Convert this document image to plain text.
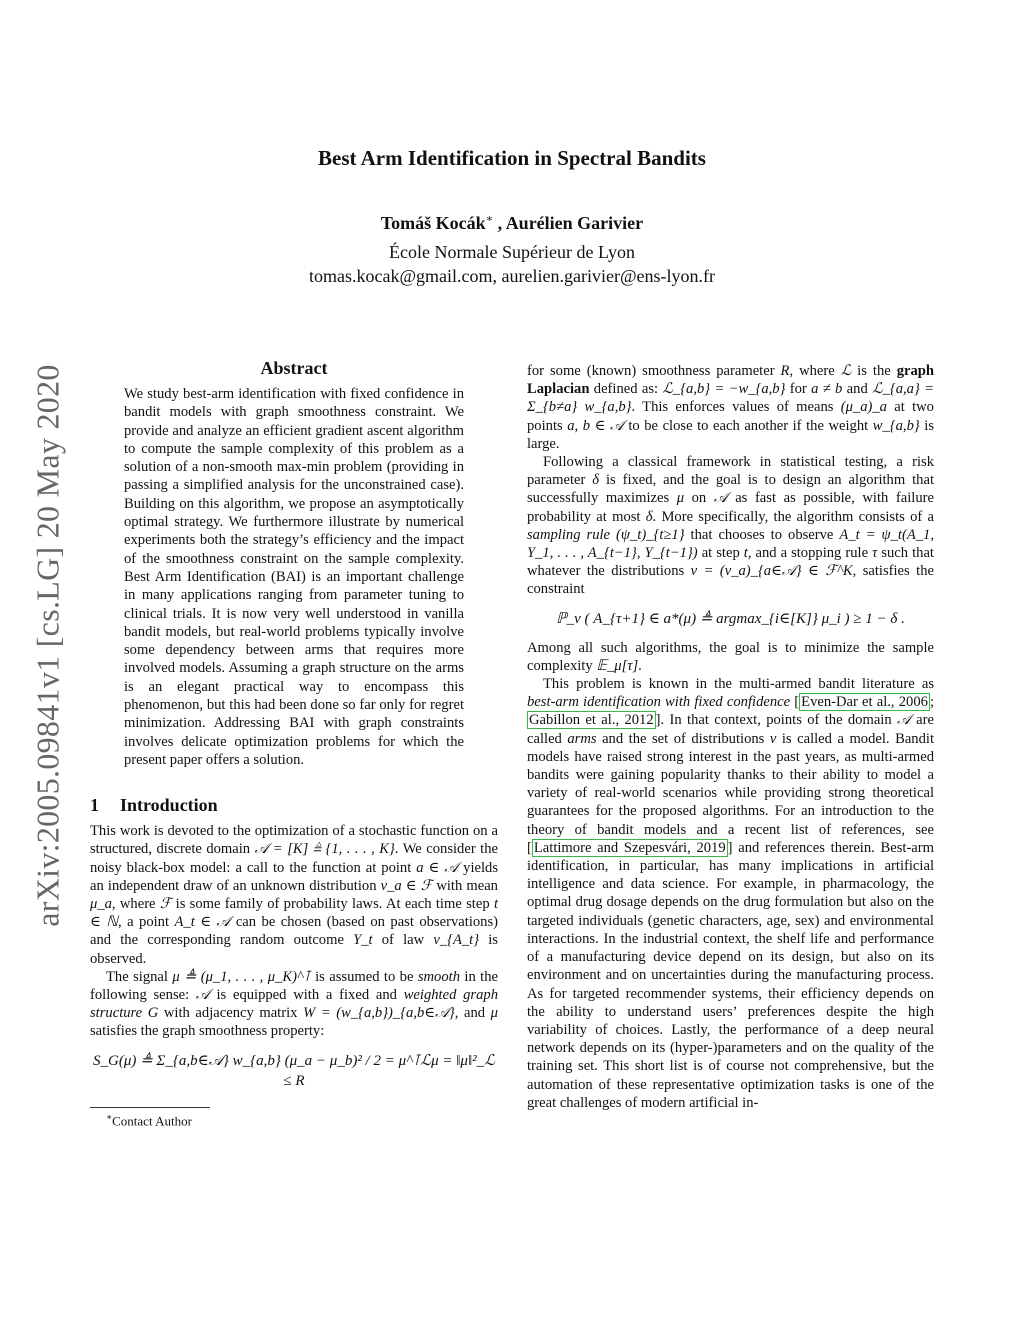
arXiv:2005.09841v1 [cs.LG] 20 May 2020
Best Arm Identification in Spectral Bandits
Tomáš Kocák∗ , Aurélien Garivier
École Normale Supérieur de Lyon
tomas.kocak@gmail.com, aurelien.garivier@ens-lyon.fr
Abstract

We study best-arm identification with fixed confidence in bandit models with graph smoothness constraint. We provide and analyze an efficient gradient ascent algorithm to compute the sample complexity of this problem as a solution of a non-smooth max-min problem (providing in passing a simplified analysis for the unconstrained case). Building on this algorithm, we propose an asymptotically optimal strategy. We furthermore illustrate by numerical experiments both the strategy’s efficiency and the impact of the smoothness constraint on the sample complexity. Best Arm Identification (BAI) is an important challenge in many applications ranging from parameter tuning to clinical trials. It is now very well understood in vanilla bandit models, but real-world problems typically involve some dependency between arms that requires more involved models. Assuming a graph structure on the arms is an elegant practical way to encompass this phenomenon, but this had been done so far only for regret minimization. Addressing BAI with graph constraints involves delicate optimization problems for which the present paper offers a solution.

1 Introduction

This work is devoted to the optimization of a stochastic function on a structured, discrete domain 𝒜 = [K] ≜ {1, . . . , K}. We consider the noisy black-box model: a call to the function at point a ∈ 𝒜 yields an independent draw of an unknown distribution ν_a ∈ ℱ with mean μ_a, where ℱ is some family of probability laws. At each time step t ∈ ℕ, a point A_t ∈ 𝒜 can be chosen (based on past observations) and the corresponding random outcome Y_t of law ν_{A_t} is observed.

The signal μ ≜ (μ_1, . . . , μ_K)^⊺ is assumed to be smooth in the following sense: 𝒜 is equipped with a fixed and weighted graph structure G with adjacency matrix W = (w_{a,b})_{a,b∈𝒜}, and μ satisfies the graph smoothness property:

S_G(μ) ≜ Σ_{a,b∈𝒜} w_{a,b} (μ_a − μ_b)² / 2 = μ^⊺ℒμ = ‖μ‖²_ℒ ≤ R
∗Contact Author

for some (known) smoothness parameter R, where ℒ is the graph Laplacian defined as: ℒ_{a,b} = −w_{a,b} for a ≠ b and ℒ_{a,a} = Σ_{b≠a} w_{a,b}. This enforces values of means (μ_a)_a at two points a, b ∈ 𝒜 to be close to each another if the weight w_{a,b} is large.

Following a classical framework in statistical testing, a risk parameter δ is fixed, and the goal is to design an algorithm that successfully maximizes μ on 𝒜 as fast as possible, with failure probability at most δ. More specifically, the algorithm consists of a sampling rule (ψ_t)_{t≥1} that chooses to observe A_t = ψ_t(A_1, Y_1, . . . , A_{t−1}, Y_{t−1}) at step t, and a stopping rule τ such that whatever the distributions ν = (ν_a)_{a∈𝒜} ∈ ℱ^K, satisfies the constraint

ℙ_ν ( A_{τ+1} ∈ a*(μ) ≜ argmax_{i∈[K]} μ_i ) ≥ 1 − δ .

Among all such algorithms, the goal is to minimize the sample complexity 𝔼_μ[τ].

This problem is known in the multi-armed bandit literature as best-arm identification with fixed confidence [ Even-Dar et al., 2006 ; Gabillon et al., 2012 ]. In that context, points of the domain 𝒜 are called arms and the set of distributions ν is called a model. Bandit models have raised strong interest in the past years, as multi-armed bandits were gaining popularity thanks to their ability to model a variety of real-world scenarios while providing strong theoretical guarantees for the proposed algorithms. For an introduction to the theory of bandit models and a recent list of references, see [ Lattimore and Szepesvári, 2019 ] and references therein. Best-arm identification, in particular, has many implications in artificial intelligence and data science. For example, in pharmacology, the optimal drug dosage depends on the drug formulation but also on the targeted individuals (genetic characters, age, sex) and environmental interactions. In the industrial context, the shelf life and performance of a manufacturing device depend on its design, but also on its environment and on uncertainties during the manufacturing process. As for targeted recommender systems, their efficiency depends on the ability to understand users’ preferences despite the high variability of choices. Lastly, the performance of a deep neural network depends on its (hyper-)parameters and on the quality of the training set. This short list is of course not comprehensive, but the automation of these representative optimization tasks is one of the great challenges of modern artificial in-
